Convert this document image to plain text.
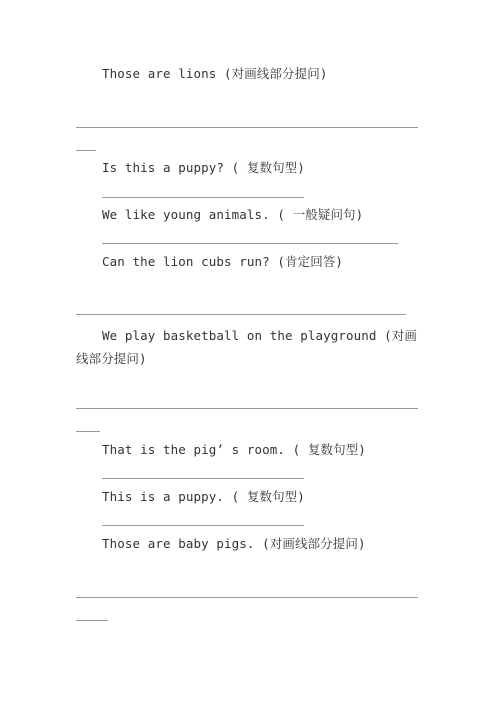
Those are lions (对画线部分提问)
Is this a puppy? ( 复数句型)
We like young animals. ( 一般疑问句)
Can the lion cubs run? (肯定回答)
We play basketball on the playground (对画线部分提问)
That is the pig’ s room. ( 复数句型)
This is a puppy. ( 复数句型)
Those are baby pigs. (对画线部分提问)
